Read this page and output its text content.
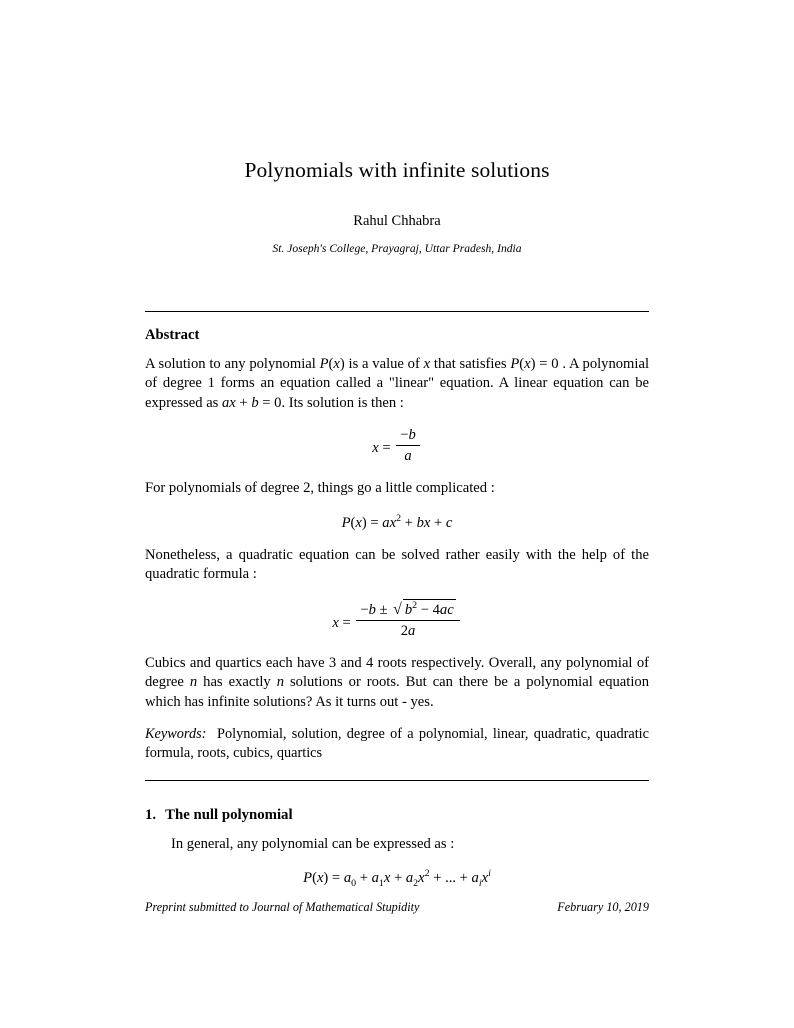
Polynomials with infinite solutions
Rahul Chhabra
St. Joseph's College, Prayagraj, Uttar Pradesh, India
Abstract

A solution to any polynomial P(x) is a value of x that satisfies P(x) = 0 . A polynomial of degree 1 forms an equation called a "linear" equation. A linear equation can be expressed as ax + b = 0. Its solution is then :

$x = \frac{-b}{a}$

For polynomials of degree 2, things go a little complicated :

$P(x) = ax^2$ + bx + c

Nonetheless, a quadratic equation can be solved rather easily with the help of the quadratic formula :

$x = \frac{-b \pm √ b^2 - 4ac}{2a}$

Cubics and quartics each have 3 and 4 roots respectively. Overall, any polynomial of degree n has exactly n solutions or roots. But can there be a polynomial equation which has infinite solutions? As it turns out - yes.

Keywords: Polynomial, solution, degree of a polynomial, linear, quadratic, quadratic formula, roots, cubics, quartics

1. The null polynomial

In general, any polynomial can be expressed as :

$P(x) = a_0 + a_1x + a_2x^2$ + ... + $a_ix^i$
Preprint submitted to Journal of Mathematical Stupidity	February 10, 2019
